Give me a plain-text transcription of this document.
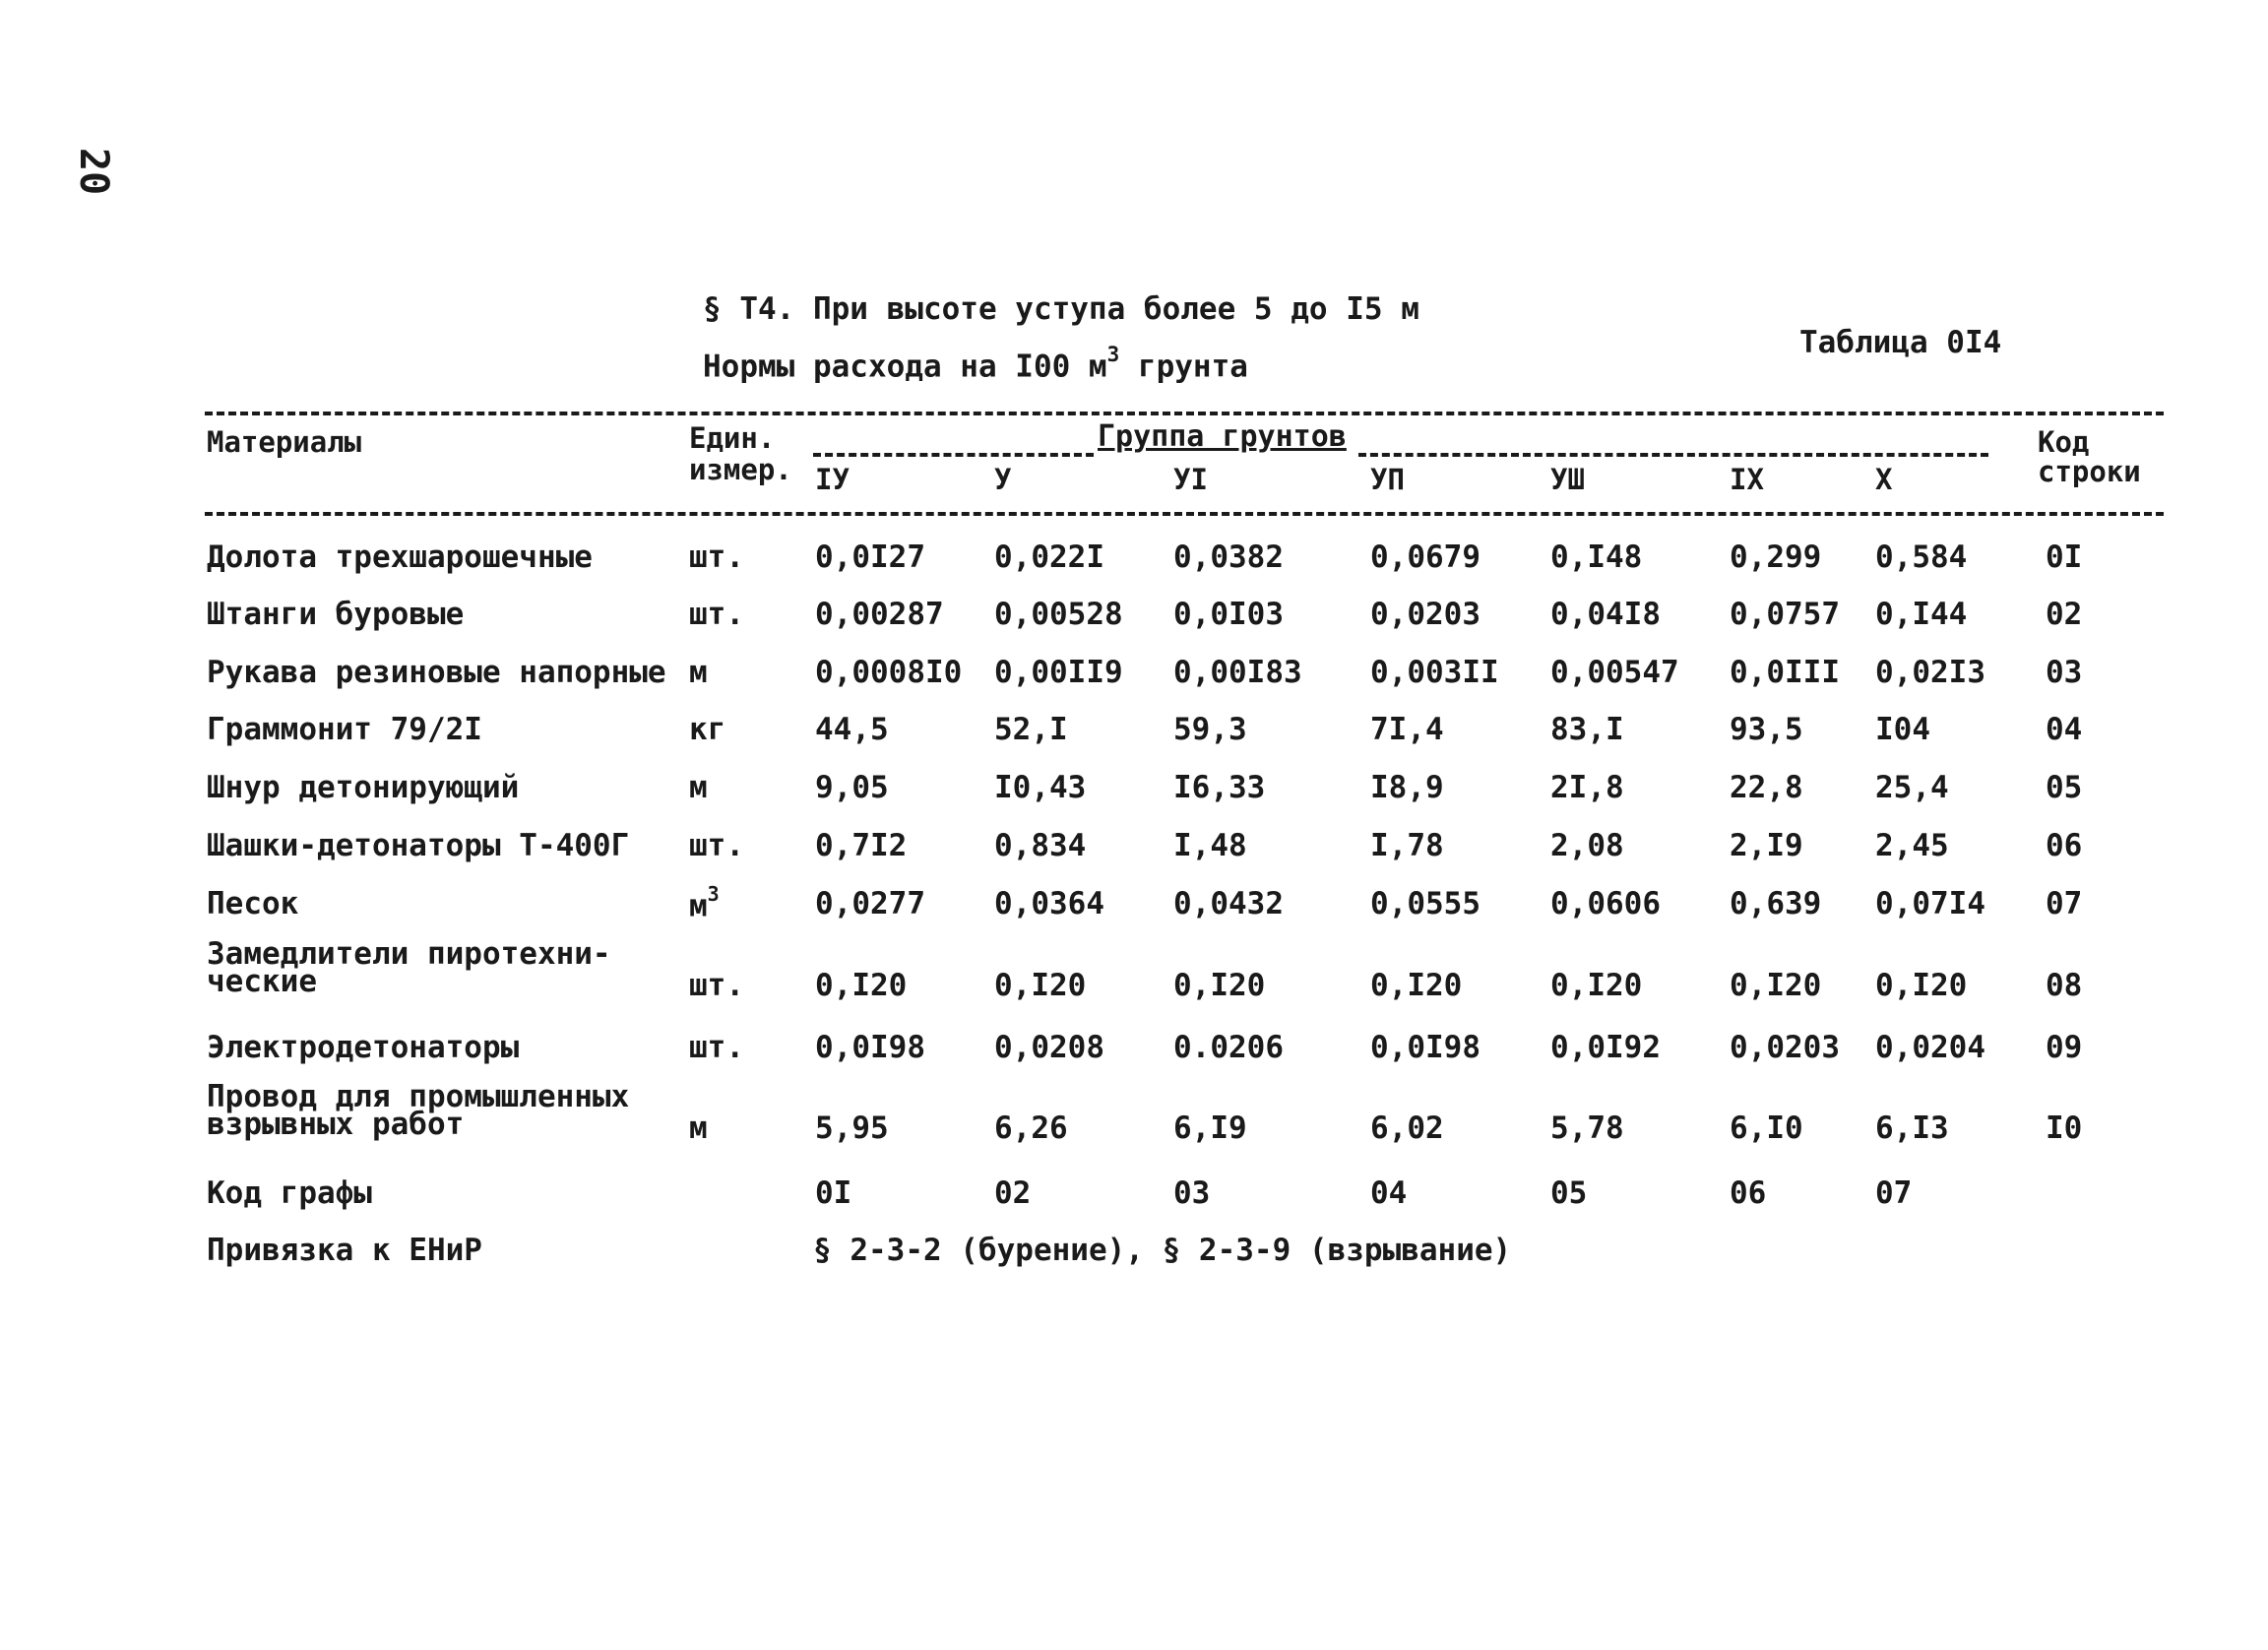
20
§ Т4. При высоте уступа более 5 до I5 м
Нормы расхода на I00 $м^3$ грунта
Таблица 0I4
Материалы	Един.
измер.
Группа грунтов	Код
строки
IУ	У	УI	УП	УШ	IX	X
Долота трехшарошечные	шт. 0,0I27 0,022I 0,0382	0,0679 0,I48	0,299 0,584	0I
Штанги буровые	шт. 0,00287 0,00528 0,0I03	0,0203 0,04I8 0,0757 0,I44	02
Рукава резиновые напорные м	0,0008I0 0,00II9 0,00I83 0,003II 0,00547 0,0III 0,02I3 03
Граммонит 79/2I	кг	44,5	52,I	59,3	7I,4	83,I	93,5 I04	04
Шнур детонирующий	м	9,05	I0,43	I6,33	I8,9	2I,8	22,8 25,4	05
Шашки-детонаторы Т-400Г шт. 0,7I2	0,834	I,48	I,78	2,08	2,I9 2,45	06
Песок	$м^3$	0,0277 0,0364 0,0432	0,0555 0,0606 0,639 0,07I4 07
Замедлители пиротехни-
ческие	шт. 0,I20	0,I20	0,I20	0,I20	0,I20	0,I20 0,I20	08
Электродетонаторы	шт. 0,0I98 0,0208 0.0206	0,0I98 0,0I92 0,0203 0,0204 09
Провод для промышленных
взрывных работ	м	5,95	6,26	6,I9	6,02	5,78	6,I0 6,I3	I0
Код графы	0I	02	03	04	05	06	07
Привязка к ЕНиР	§ 2-3-2 (бурение), § 2-3-9 (взрывание)
